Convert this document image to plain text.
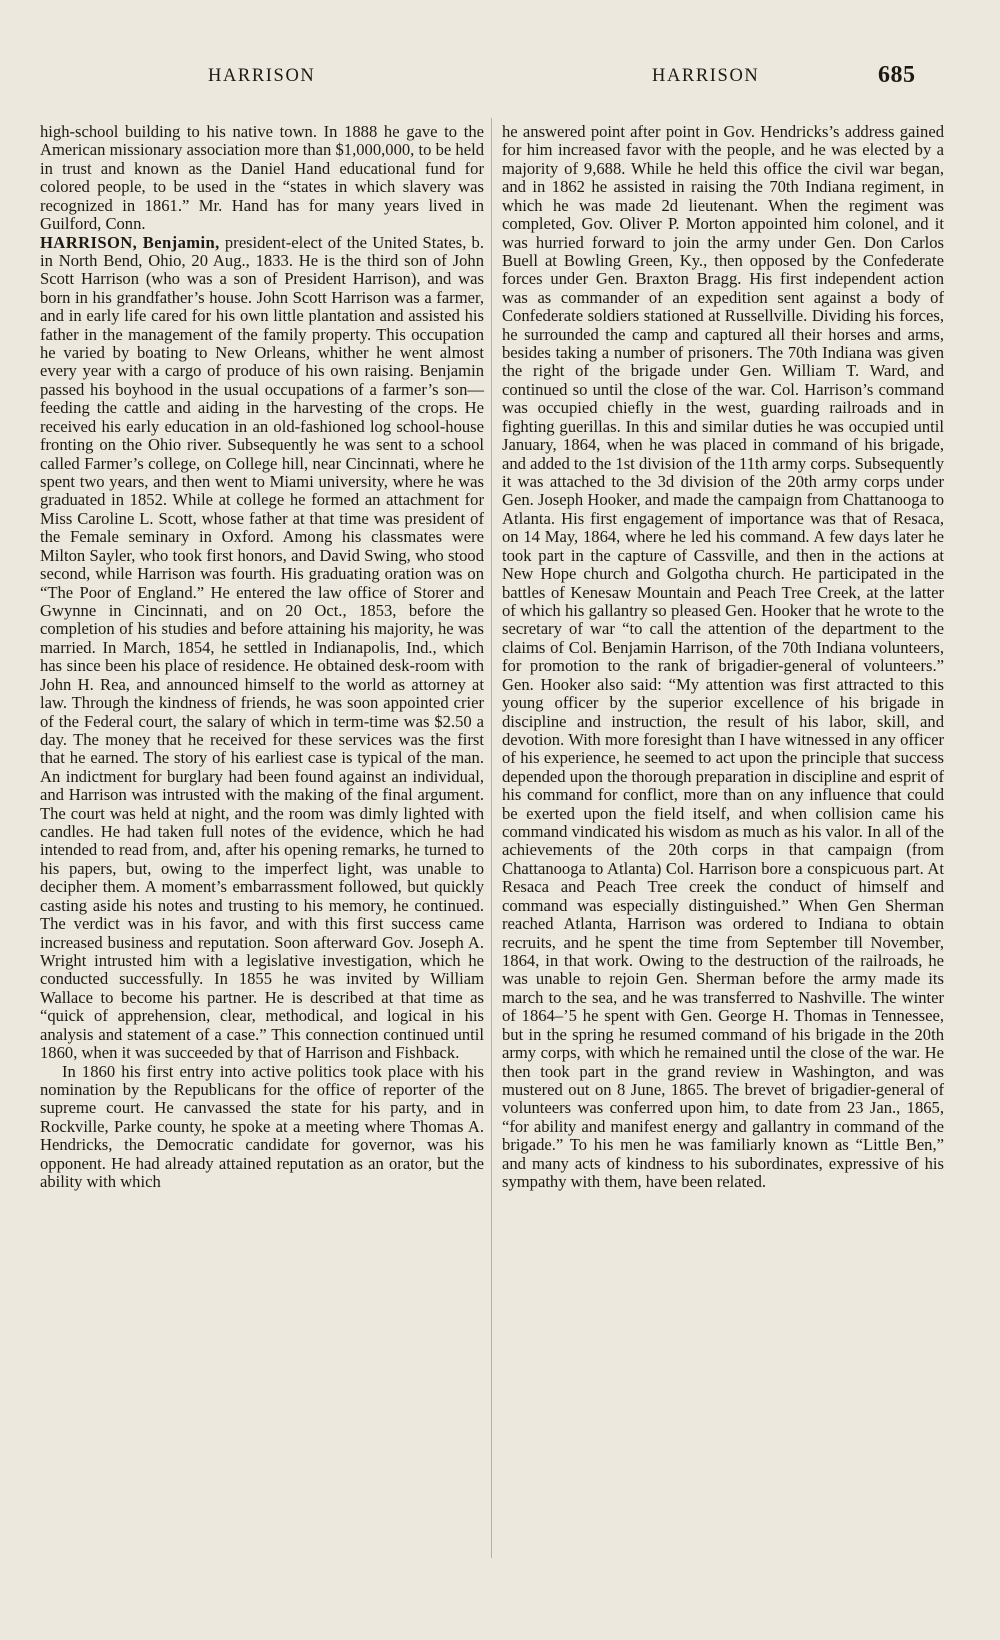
HARRISON	HARRISON	685

high-school building to his native town. In 1888 he gave to the American missionary association more than $1,000,000, to be held in trust and known as the Daniel Hand educational fund for colored people, to be used in the “states in which slavery was recognized in 1861.” Mr. Hand has for many years lived in Guilford, Conn.

HARRISON, Benjamin, president-elect of the United States, b. in North Bend, Ohio, 20 Aug., 1833. He is the third son of John Scott Harrison (who was a son of President Harrison), and was born in his grandfather’s house. John Scott Harrison was a farmer, and in early life cared for his own little plantation and assisted his father in the management of the family property. This occupation he varied by boating to New Orleans, whither he went almost every year with a cargo of produce of his own raising. Benjamin passed his boyhood in the usual occupations of a farmer’s son—feeding the cattle and aiding in the harvesting of the crops. He received his early education in an old-fashioned log school-house fronting on the Ohio river. Subsequently he was sent to a school called Farmer’s college, on College hill, near Cincinnati, where he spent two years, and then went to Miami university, where he was graduated in 1852. While at college he formed an attachment for Miss Caroline L. Scott, whose father at that time was president of the Female seminary in Oxford. Among his classmates were Milton Sayler, who took first honors, and David Swing, who stood second, while Harrison was fourth. His graduating oration was on “The Poor of England.” He entered the law office of Storer and Gwynne in Cincinnati, and on 20 Oct., 1853, before the completion of his studies and before attaining his majority, he was married. In March, 1854, he settled in Indianapolis, Ind., which has since been his place of residence. He obtained desk-room with John H. Rea, and announced himself to the world as attorney at law. Through the kindness of friends, he was soon appointed crier of the Federal court, the salary of which in term-time was $2.50 a day. The money that he received for these services was the first that he earned. The story of his earliest case is typical of the man. An indictment for burglary had been found against an individual, and Harrison was intrusted with the making of the final argument. The court was held at night, and the room was dimly lighted with candles. He had taken full notes of the evidence, which he had intended to read from, and, after his opening remarks, he turned to his papers, but, owing to the imperfect light, was unable to decipher them. A moment’s embarrassment followed, but quickly casting aside his notes and trusting to his memory, he continued. The verdict was in his favor, and with this first success came increased business and reputation. Soon afterward Gov. Joseph A. Wright intrusted him with a legislative investigation, which he conducted successfully. In 1855 he was invited by William Wallace to become his partner. He is described at that time as “quick of apprehension, clear, methodical, and logical in his analysis and statement of a case.” This connection continued until 1860, when it was succeeded by that of Harrison and Fishback.

In 1860 his first entry into active politics took place with his nomination by the Republicans for the office of reporter of the supreme court. He canvassed the state for his party, and in Rockville, Parke county, he spoke at a meeting where Thomas A. Hendricks, the Democratic candidate for governor, was his opponent. He had already attained reputation as an orator, but the ability with which

he answered point after point in Gov. Hendricks’s address gained for him increased favor with the people, and he was elected by a majority of 9,688. While he held this office the civil war began, and in 1862 he assisted in raising the 70th Indiana regiment, in which he was made 2d lieutenant. When the regiment was completed, Gov. Oliver P. Morton appointed him colonel, and it was hurried forward to join the army under Gen. Don Carlos Buell at Bowling Green, Ky., then opposed by the Confederate forces under Gen. Braxton Bragg. His first independent action was as commander of an expedition sent against a body of Confederate soldiers stationed at Russellville. Dividing his forces, he surrounded the camp and captured all their horses and arms, besides taking a number of prisoners. The 70th Indiana was given the right of the brigade under Gen. William T. Ward, and continued so until the close of the war. Col. Harrison’s command was occupied chiefly in the west, guarding railroads and in fighting guerillas. In this and similar duties he was occupied until January, 1864, when he was placed in command of his brigade, and added to the 1st division of the 11th army corps. Subsequently it was attached to the 3d division of the 20th army corps under Gen. Joseph Hooker, and made the campaign from Chattanooga to Atlanta. His first engagement of importance was that of Resaca, on 14 May, 1864, where he led his command. A few days later he took part in the capture of Cassville, and then in the actions at New Hope church and Golgotha church. He participated in the battles of Kenesaw Mountain and Peach Tree Creek, at the latter of which his gallantry so pleased Gen. Hooker that he wrote to the secretary of war “to call the attention of the department to the claims of Col. Benjamin Harrison, of the 70th Indiana volunteers, for promotion to the rank of brigadier-general of volunteers.” Gen. Hooker also said: “My attention was first attracted to this young officer by the superior excellence of his brigade in discipline and instruction, the result of his labor, skill, and devotion. With more foresight than I have witnessed in any officer of his experience, he seemed to act upon the principle that success depended upon the thorough preparation in discipline and esprit of his command for conflict, more than on any influence that could be exerted upon the field itself, and when collision came his command vindicated his wisdom as much as his valor. In all of the achievements of the 20th corps in that campaign (from Chattanooga to Atlanta) Col. Harrison bore a conspicuous part. At Resaca and Peach Tree creek the conduct of himself and command was especially distinguished.” When Gen Sherman reached Atlanta, Harrison was ordered to Indiana to obtain recruits, and he spent the time from September till November, 1864, in that work. Owing to the destruction of the railroads, he was unable to rejoin Gen. Sherman before the army made its march to the sea, and he was transferred to Nashville. The winter of 1864–’5 he spent with Gen. George H. Thomas in Tennessee, but in the spring he resumed command of his brigade in the 20th army corps, with which he remained until the close of the war. He then took part in the grand review in Washington, and was mustered out on 8 June, 1865. The brevet of brigadier-general of volunteers was conferred upon him, to date from 23 Jan., 1865, “for ability and manifest energy and gallantry in command of the brigade.” To his men he was familiarly known as “Little Ben,” and many acts of kindness to his subordinates, expressive of his sympathy with them, have been related.
